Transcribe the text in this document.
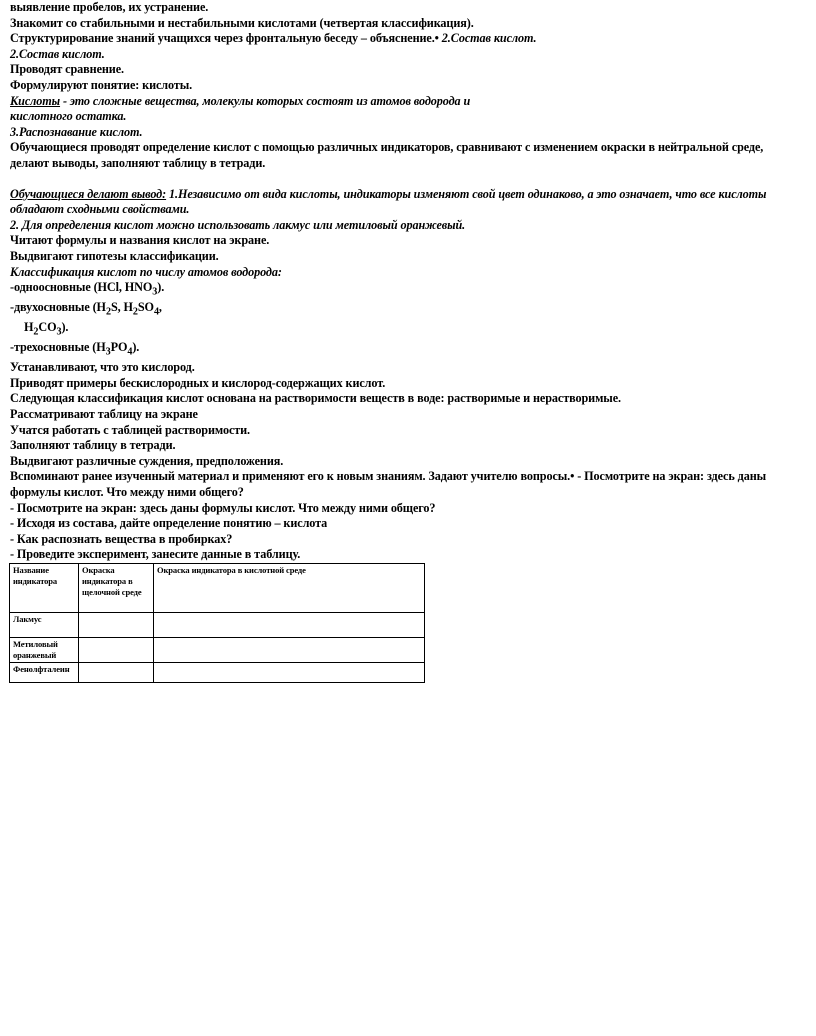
выявление пробелов, их устранение.
Знакомит со стабильными и нестабильными кислотами (четвертая классификация).
Структурирование знаний учащихся через фронтальную беседу – объяснение.• 2.Состав кислот.
2.Состав кислот.
Проводят сравнение.
Формулируют понятие: кислоты.
Кислоты - это сложные вещества, молекулы которых состоят из атомов водорода и
кислотного остатка.
3.Распознавание кислот.
Обучающиеся проводят определение кислот с помощью различных индикаторов, сравнивают с изменением окраски в нейтральной среде, делают выводы, заполняют таблицу в тетради.
Обучающиеся делают вывод: 1.Независимо от вида кислоты, индикаторы изменяют свой цвет одинаково, а это означает, что все кислоты обладают сходными свойствами.
2. Для определения кислот можно использовать лакмус или метиловый оранжевый.
Читают формулы и названия кислот на экране.
Выдвигают гипотезы классификации.
Классификация кислот по числу атомов водорода:
-одноосновные (HCl, $HNO_3$).
-двухосновные ($H_2S$, $H_2SO_4$,
$H_2CO_3$).
-трехосновные $(H_3PO_4)$.
Устанавливают, что это кислород.
Приводят примеры бескислородных и кислород-содержащих кислот.
Следующая классификация кислот основана на растворимости веществ в воде: растворимые и нерастворимые.
Рассматривают таблицу на экране
Учатся работать с таблицей растворимости.
Заполняют таблицу в тетради.
Выдвигают различные суждения, предположения.
Вспоминают ранее изученный материал и применяют его к новым знаниям. Задают учителю вопросы.• - Посмотрите на экран: здесь даны формулы кислот. Что между ними общего?
- Посмотрите на экран: здесь даны формулы кислот. Что между ними общего?
- Исходя из состава, дайте определение понятию – кислота
- Как распознать вещества в пробирках?
- Проведите эксперимент, занесите данные в таблицу.
Название индикатора	Окраска индикатора в щелочной среде	Окраска индикатора в кислотной среде
Лакмус		
Метиловый оранжевый		
Фенолфталеин		
